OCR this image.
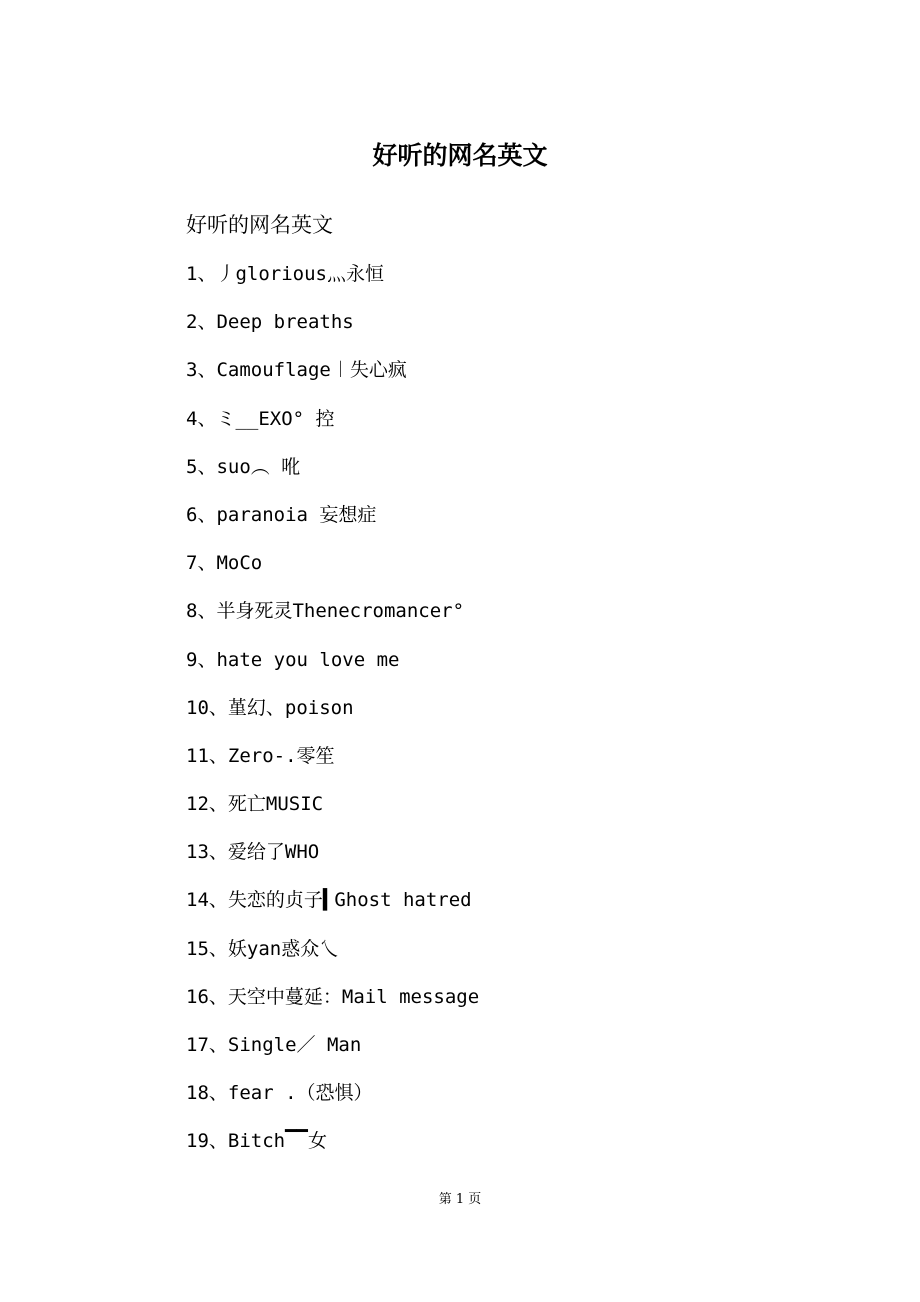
好听的网名英文

好听的网名英文

1、丿glorious灬永恒
2、Deep breaths
3、Camouflage︱失心疯
4、ミ__EXO° 控
5、suo︵ 吪
6、paranoia 妄想症
7、MoCo
8、半身死灵Thenecromancer°
9、hate you love me
10、堇幻、poison
11、Zero-.零笙
12、死亡MUSIC
13、爱给了WHO
14、失恋的贞子▍Ghost hatred
15、妖yan惑众乀
16、天空中蔓延：Mail message
17、Single／ Man
18、fear .（恐惧）
19、Bitch▔▔女
第 1 页
